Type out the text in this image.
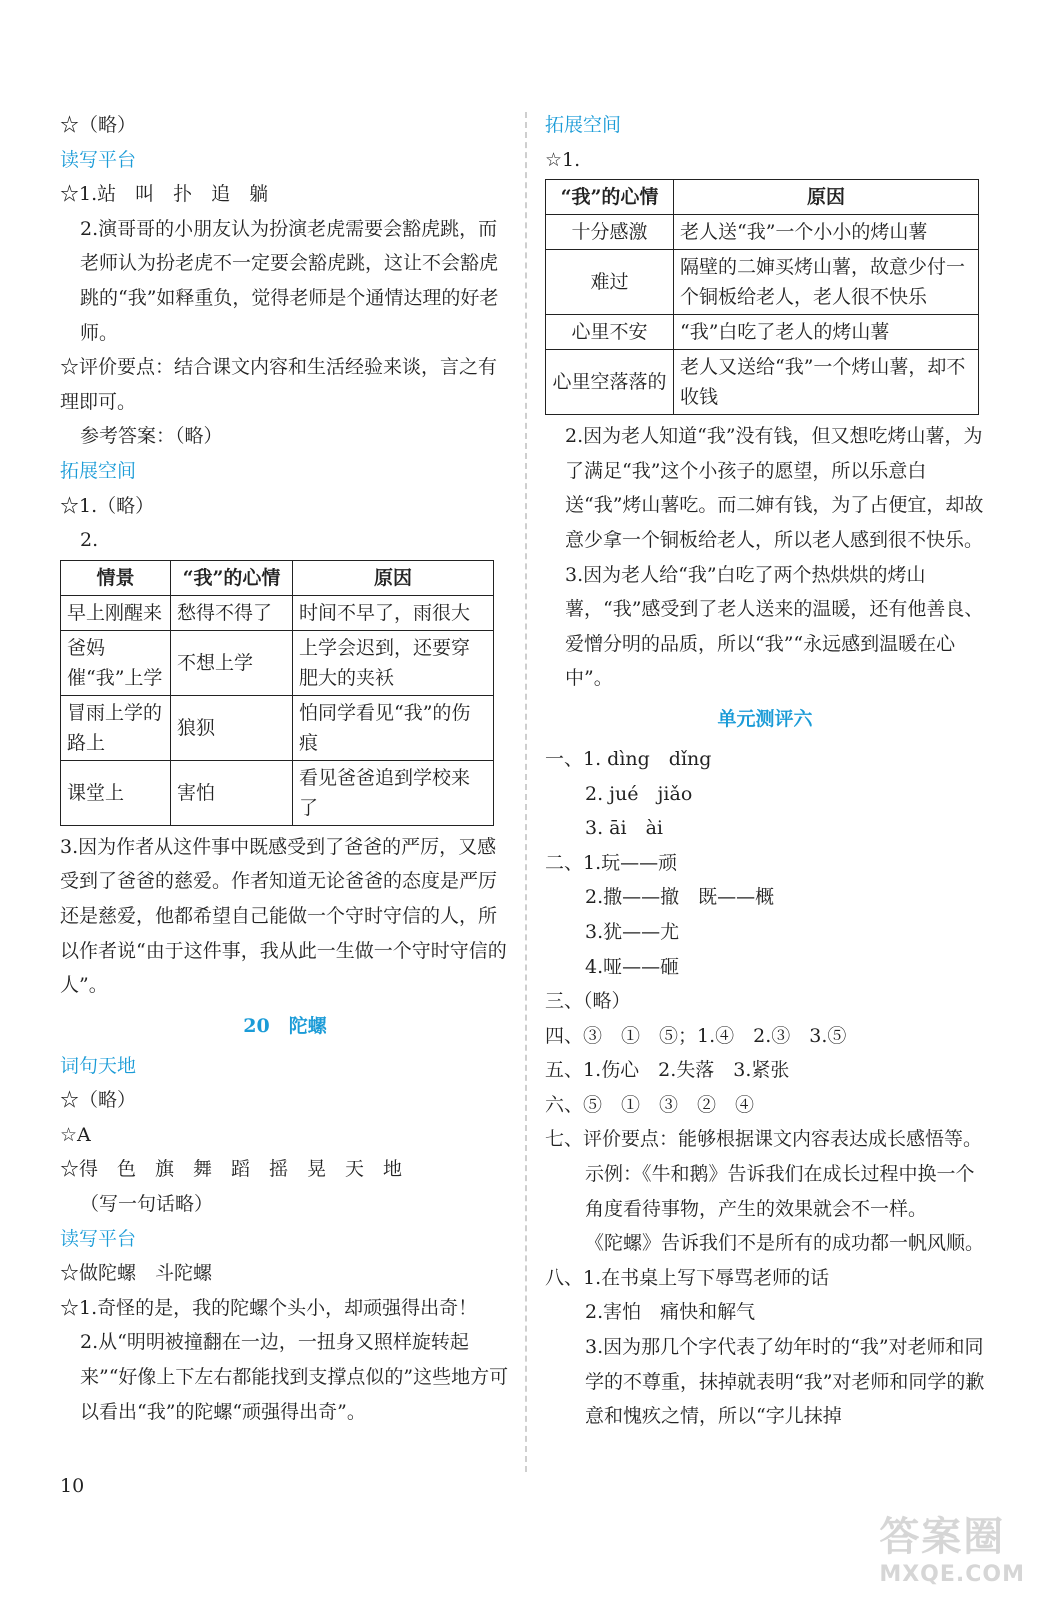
☆（略）
读写平台
☆1.站　叫　扑　追　躺
2.演哥哥的小朋友认为扮演老虎需要会豁虎跳，而老师认为扮老虎不一定要会豁虎跳，这让不会豁虎跳的“我”如释重负，觉得老师是个通情达理的好老师。
☆评价要点：结合课文内容和生活经验来谈，言之有理即可。
参考答案：（略）
拓展空间
☆1.（略）
2.
情景	“我”的心情	原因
早上刚醒来	愁得不得了	时间不早了，雨很大
爸妈催“我”上学	不想上学	上学会迟到，还要穿肥大的夹袄
冒雨上学的路上	狼狈	怕同学看见“我”的伤痕
课堂上	害怕	看见爸爸追到学校来了
3.因为作者从这件事中既感受到了爸爸的严厉，又感受到了爸爸的慈爱。作者知道无论爸爸的态度是严厉还是慈爱，他都希望自己能做一个守时守信的人，所以作者说“由于这件事，我从此一生做一个守时守信的人”。
20　陀螺
词句天地
☆（略）
☆A
☆得　色　旗　舞　蹈　摇　晃　天　地
（写一句话略）
读写平台
☆做陀螺　斗陀螺
☆1.奇怪的是，我的陀螺个头小，却顽强得出奇！
2.从“明明被撞翻在一边，一扭身又照样旋转起来”“好像上下左右都能找到支撑点似的”这些地方可以看出“我”的陀螺“顽强得出奇”。
拓展空间
☆1.
“我”的心情	原因
十分感激	老人送“我”一个小小的烤山薯
难过	隔壁的二婶买烤山薯，故意少付一个铜板给老人，老人很不快乐
心里不安	“我”白吃了老人的烤山薯
心里空落落的	老人又送给“我”一个烤山薯，却不收钱
2.因为老人知道“我”没有钱，但又想吃烤山薯，为了满足“我”这个小孩子的愿望，所以乐意白送“我”烤山薯吃。而二婶有钱，为了占便宜，却故意少拿一个铜板给老人，所以老人感到很不快乐。
3.因为老人给“我”白吃了两个热烘烘的烤山薯，“我”感受到了老人送来的温暖，还有他善良、爱憎分明的品质，所以“我”“永远感到温暖在心中”。
单元测评六
一、1. dìng　dǐng
2. jué　jiǎo
3. āi　ài
二、1.玩——顽
2.撒——撤　既——概
3.犹——尤
4.哑——砸
三、（略）
四、③　①　⑤；1.④　2.③　3.⑤
五、1.伤心　2.失落　3.紧张
六、⑤　①　③　②　④
七、评价要点：能够根据课文内容表达成长感悟等。
示例：《牛和鹅》告诉我们在成长过程中换一个角度看待事物，产生的效果就会不一样。
《陀螺》告诉我们不是所有的成功都一帆风顺。
八、1.在书桌上写下辱骂老师的话
2.害怕　痛快和解气
3.因为那几个字代表了幼年时的“我”对老师和同学的不尊重，抹掉就表明“我”对老师和同学的歉意和愧疚之情，所以“字儿抹掉
10
答案圈
MXQE.COM
